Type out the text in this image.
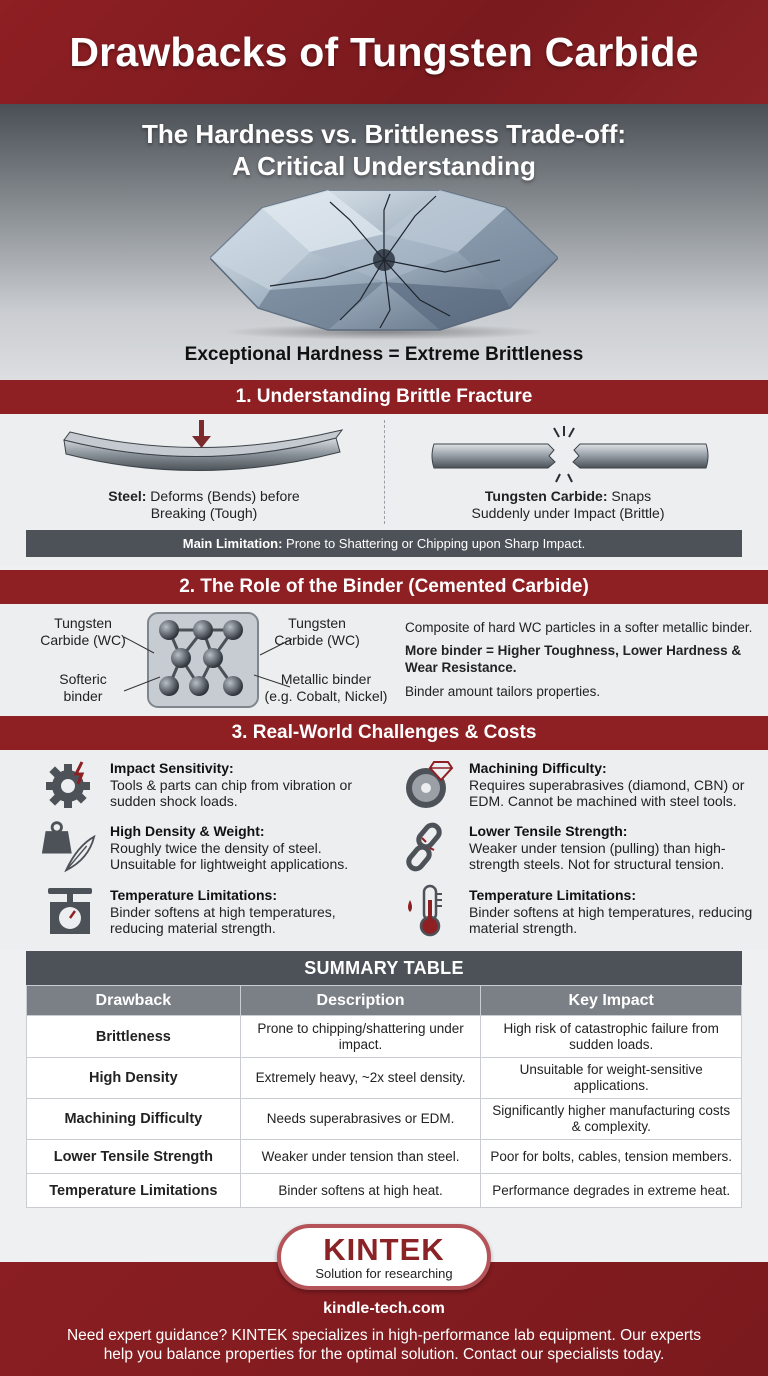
Drawbacks of Tungsten Carbide
The Hardness vs. Brittleness Trade-off:
A Critical Understanding
Exceptional Hardness = Extreme Brittleness
1. Understanding Brittle Fracture
Steel: Deforms (Bends) before
Breaking (Tough)
Tungsten Carbide: Snaps
Suddenly under Impact (Brittle)
Main Limitation:
Prone to Shattering or Chipping upon Sharp Impact.
2. The Role of the Binder (Cemented Carbide)
Tungsten
Carbide (WC)
Softeric
binder
Tungsten
Carbide (WC)
Metallic binder
(e.g. Cobalt, Nickel)
Composite of hard WC particles in a softer metallic binder.
More binder = Higher Toughness, Lower Hardness &
Wear Resistance.
Binder amount tailors properties.
3. Real-World Challenges & Costs
Impact Sensitivity:
Tools & parts can chip from vibration or
sudden shock loads.
Machining Difficulty:
Requires superabrasives (diamond, CBN) or
EDM. Cannot be machined with steel tools.
High Density & Weight:
Roughly twice the density of steel.
Unsuitable for lightweight applications.
Lower Tensile Strength:
Weaker under tension (pulling) than high-
strength steels. Not for structural tension.
Temperature Limitations:
Binder softens at high temperatures,
reducing material strength.
Temperature Limitations:
Binder softens at high temperatures, reducing
material strength.
SUMMARY TABLE
Drawback	Description	Key Impact
Brittleness	Prone to chipping/shattering under impact.	High risk of catastrophic failure from sudden loads.
High Density	Extremely heavy, ~2x steel density.	Unsuitable for weight-sensitive applications.
Machining Difficulty	Needs superabrasives or EDM.	Significantly higher manufacturing costs & complexity.
Lower Tensile Strength	Weaker under tension than steel.	Poor for bolts, cables, tension members.
Temperature Limitations	Binder softens at high heat.	Performance degrades in extreme heat.
KINTEK
Solution for researching
kindle-tech.com
Need expert guidance? KINTEK specializes in high-performance lab equipment. Our experts
help you balance properties for the optimal solution. Contact our specialists today.
